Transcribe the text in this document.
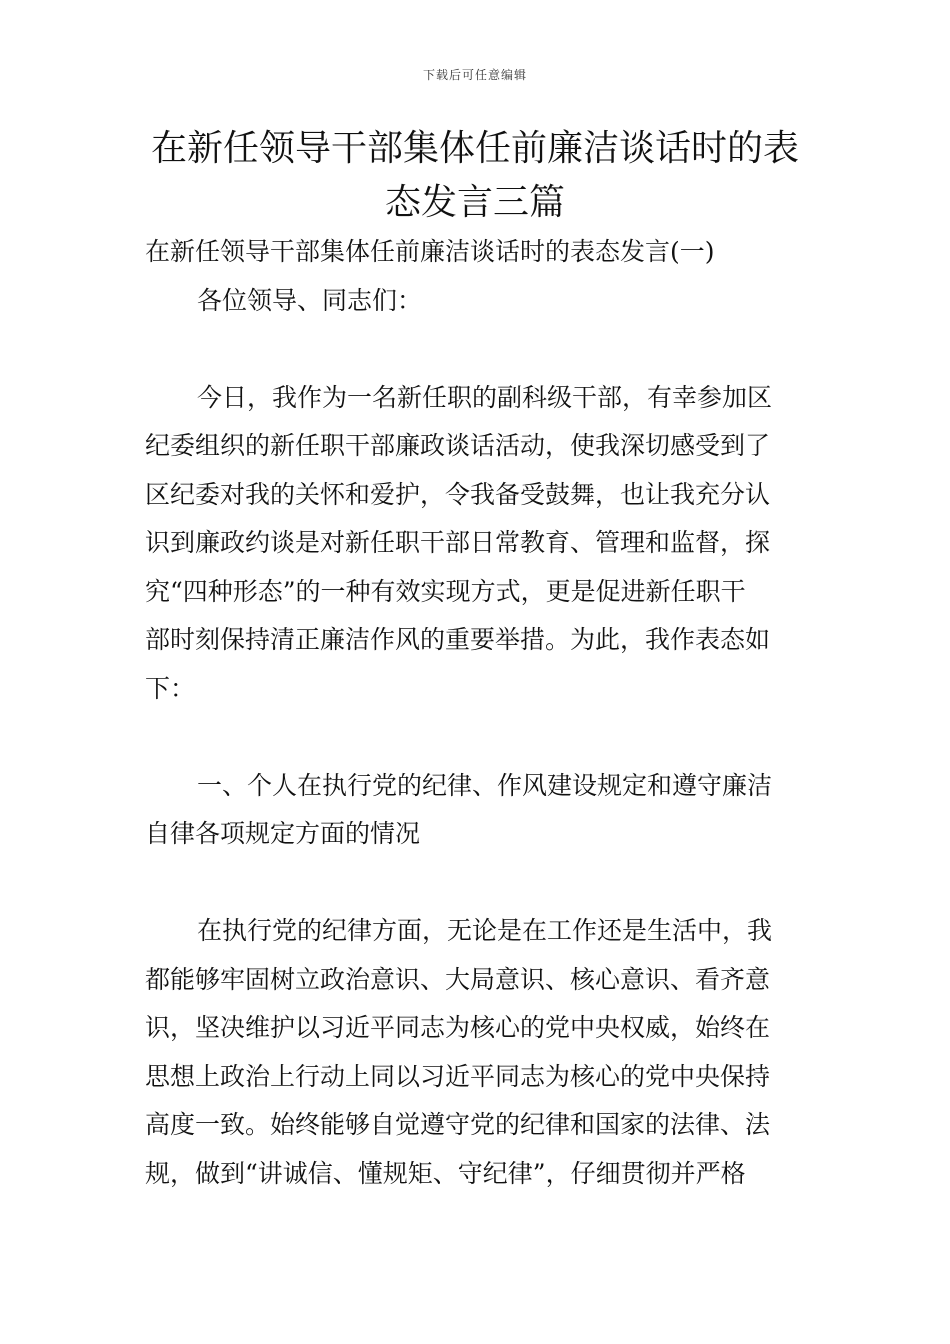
下载后可任意编辑
在新任领导干部集体任前廉洁谈话时的表
态发言三篇

在新任领导干部集体任前廉洁谈话时的表态发言(一)

各位领导、同志们：

今日，我作为一名新任职的副科级干部，有幸参加区
纪委组织的新任职干部廉政谈话活动，使我深切感受到了
区纪委对我的关怀和爱护，令我备受鼓舞，也让我充分认
识到廉政约谈是对新任职干部日常教育、管理和监督，探
究“四种形态”的一种有效实现方式，更是促进新任职干
部时刻保持清正廉洁作风的重要举措。为此，我作表态如
下：

一、个人在执行党的纪律、作风建设规定和遵守廉洁
自律各项规定方面的情况

在执行党的纪律方面，无论是在工作还是生活中，我
都能够牢固树立政治意识、大局意识、核心意识、看齐意
识，坚决维护以习近平同志为核心的党中央权威，始终在
思想上政治上行动上同以习近平同志为核心的党中央保持
高度一致。始终能够自觉遵守党的纪律和国家的法律、法
规，做到“讲诚信、懂规矩、守纪律”，仔细贯彻并严格
